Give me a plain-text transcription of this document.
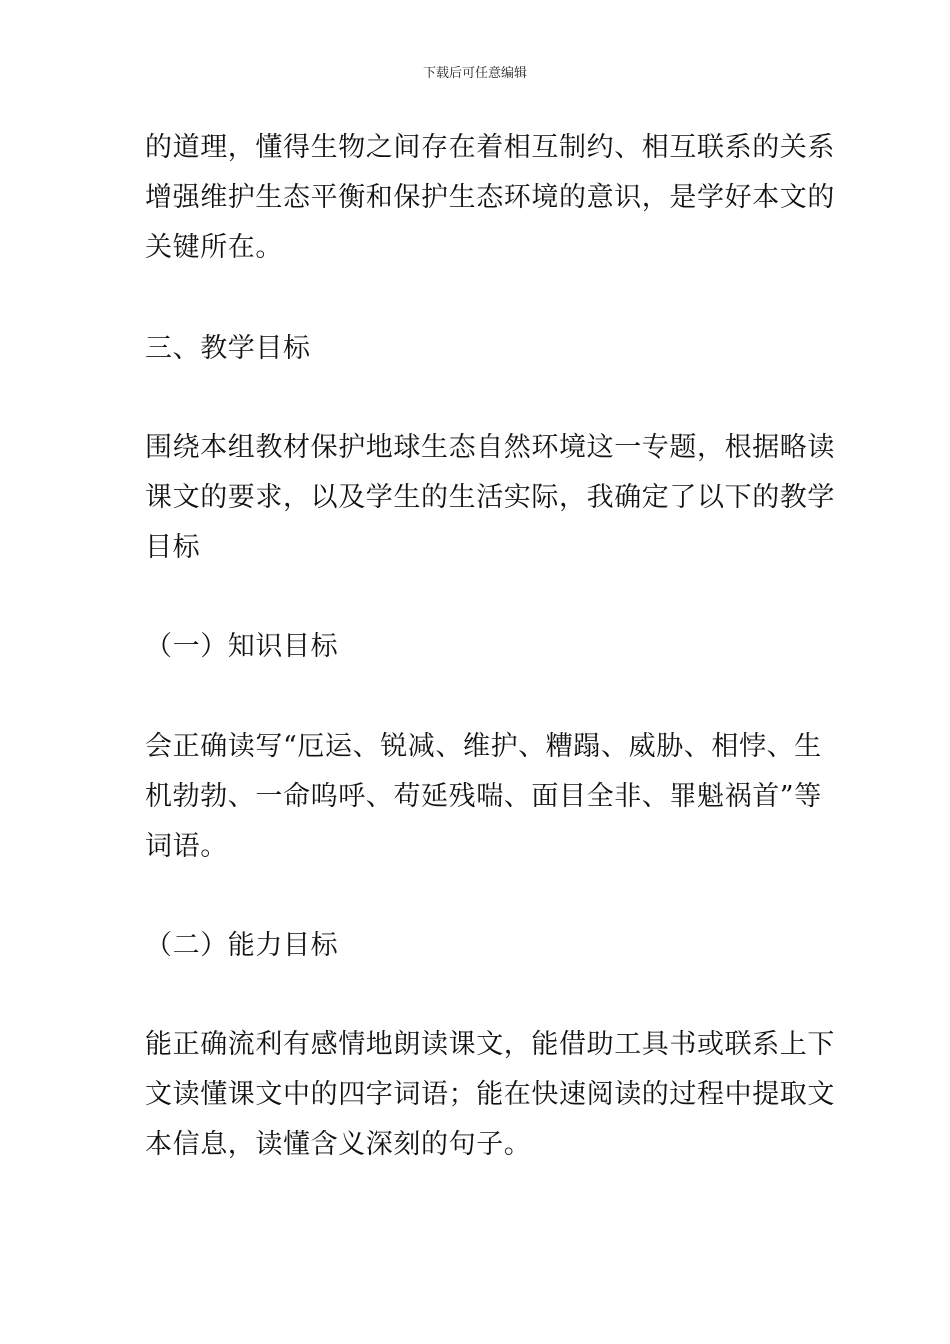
下载后可任意编辑
的道理，懂得生物之间存在着相互制约、相互联系的关系
增强维护生态平衡和保护生态环境的意识，是学好本文的
关键所在。
三、教学目标
围绕本组教材保护地球生态自然环境这一专题，根据略读
课文的要求，以及学生的生活实际，我确定了以下的教学
目标
（一）知识目标
会正确读写“厄运、锐减、维护、糟蹋、威胁、相悖、生
机勃勃、一命呜呼、苟延残喘、面目全非、罪魁祸首”等
词语。
（二）能力目标
能正确流利有感情地朗读课文，能借助工具书或联系上下
文读懂课文中的四字词语；能在快速阅读的过程中提取文
本信息，读懂含义深刻的句子。
